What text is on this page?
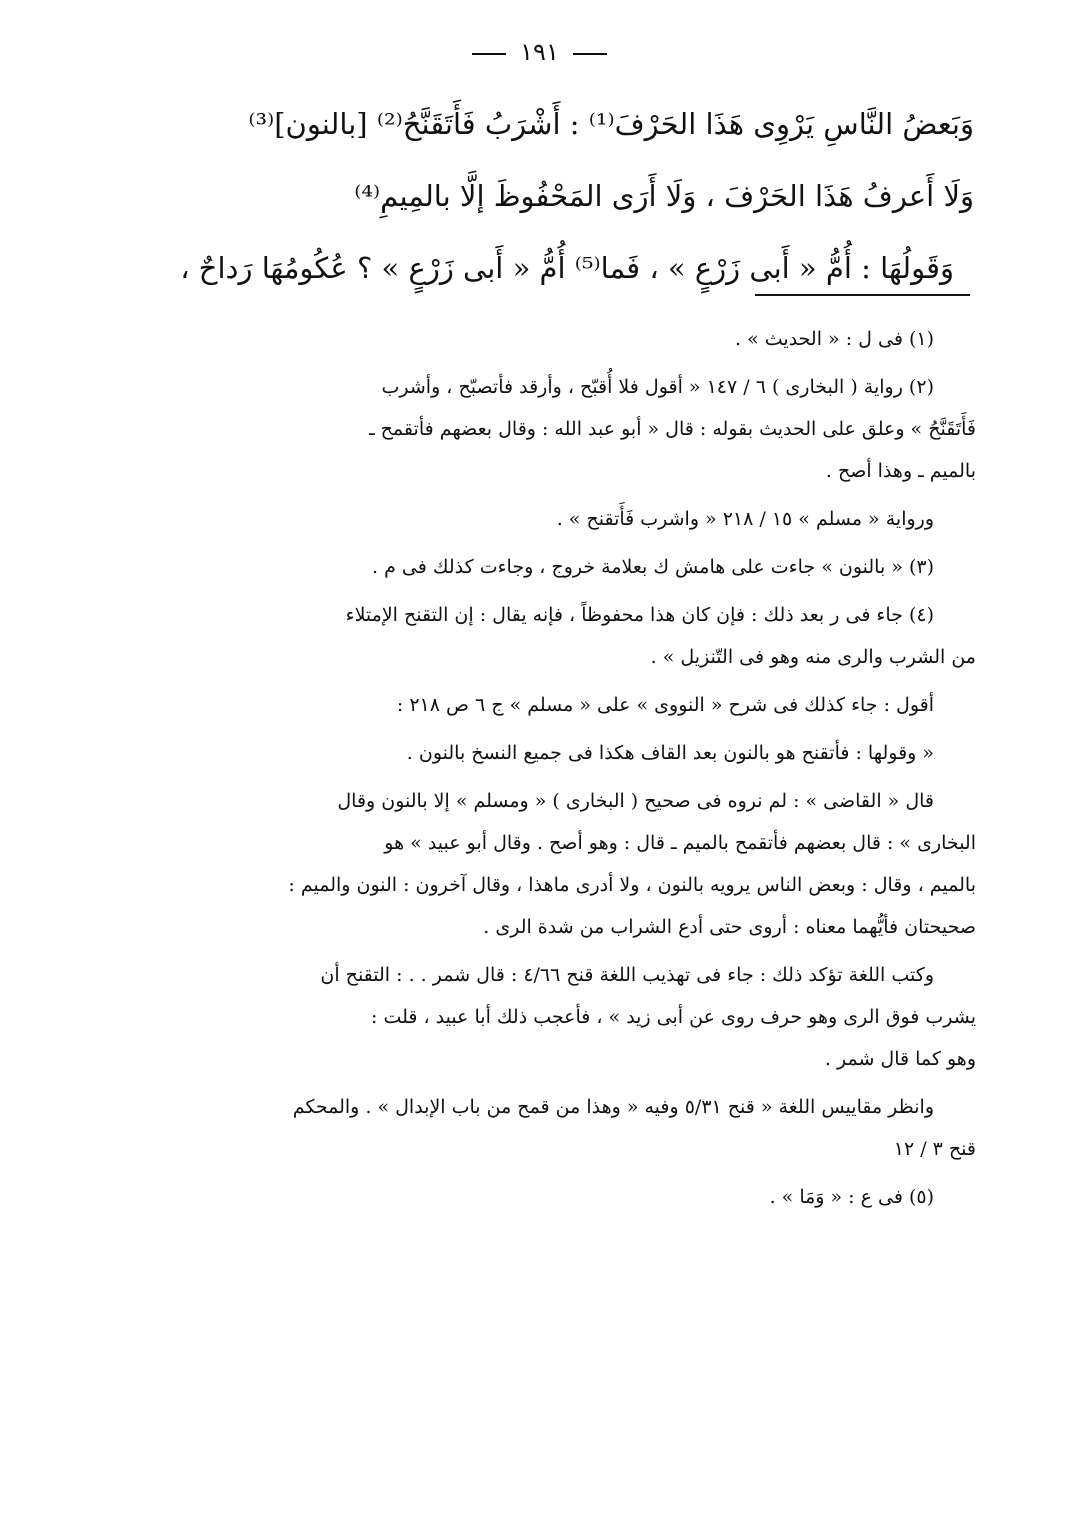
١٩١

وَبَعضُ النَّاسِ يَرْوِى هَذَا الحَرْفَ⁽¹⁾ : أَشْرَبُ فَأَتَقَنَّحُ⁽²⁾ [بالنون]⁽³⁾

وَلَا أَعرفُ هَذَا الحَرْفَ ، وَلَا أَرَى المَحْفُوظَ إلَّا بالمِيمِ⁽⁴⁾

وَقَولُهَا : أُمُّ « أَبى زَرْعٍ » ، فَما⁽⁵⁾ أُمُّ « أَبى زَرْعٍ » ؟ عُكُومُهَا رَداحٌ ،

(١) فى ل : « الحديث » .
(٢) رواية ( البخارى ) ٦ / ١٤٧ « أقول فلا أُقبّح ، وأرقد فأتصبّح ، وأشرب
فَأَتَقَنَّحُ » وعلق على الحديث بقوله : قال « أبو عبد الله : وقال بعضهم فأتقمح ـ
بالميم ـ وهذا أصح .
ورواية « مسلم » ١٥ / ٢١٨ « واشرب فَأَتقنح » .
(٣) « بالنون » جاءت على هامش ك بعلامة خروج ، وجاءت كذلك فى م .
(٤) جاء فى ر بعد ذلك : فإن كان هذا محفوظاً ، فإنه يقال : إن التقنح الإمتلاء
من الشرب والرى منه وهو فى التّنزيل » .
أقول : جاء كذلك فى شرح « النووى » على « مسلم » ج ٦ ص ٢١٨ :
« وقولها : فأتقنح هو بالنون بعد القاف هكذا فى جميع النسخ بالنون .
قال « القاضى » : لم نروه فى صحيح ( البخارى ) « ومسلم » إلا بالنون وقال
البخارى » : قال بعضهم فأتقمح بالميم ـ قال : وهو أصح . وقال أبو عبيد » هو
بالميم ، وقال : وبعض الناس يرويه بالنون ، ولا أدرى ماهذا ، وقال آخرون : النون والميم :
صحيحتان فأيُّهما معناه : أروى حتى أدع الشراب من شدة الرى .
وكتب اللغة تؤكد ذلك : جاء فى تهذيب اللغة قنح ٤/٦٦ : قال شمر . . : التقنح أن
يشرب فوق الرى وهو حرف روى عن أبى زيد » ، فأعجب ذلك أبا عبيد ، قلت :
وهو كما قال شمر .
وانظر مقاييس اللغة « قنح ٥/٣١ وفيه « وهذا من قمح من باب الإبدال » . والمحكم
قنح ٣ / ١٢
(٥) فى ع : « وَمَا » .
